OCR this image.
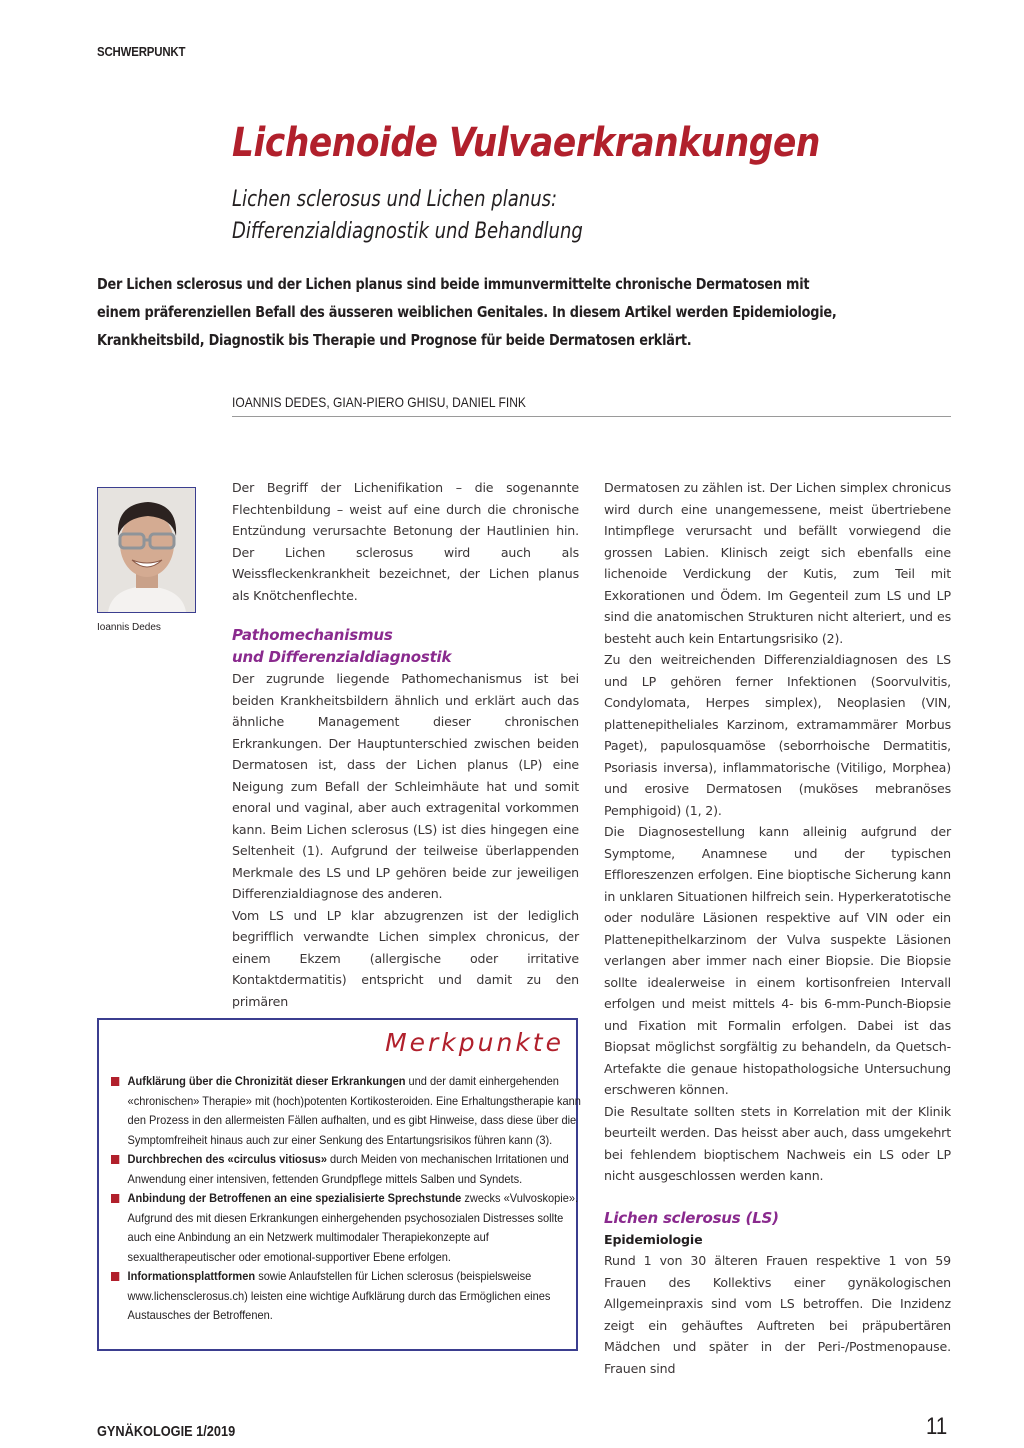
SCHWERPUNKT
Lichenoide Vulvaerkrankungen
Lichen sclerosus und Lichen planus:
Differenzialdiagnostik und Behandlung
Der Lichen sclerosus und der Lichen planus sind beide immunvermittelte chronische Dermatosen mit
einem präferenziellen Befall des äusseren weiblichen Genitales. In diesem Artikel werden Epidemiologie,
Krankheitsbild, Diagnostik bis Therapie und Prognose für beide Dermatosen erklärt.
IOANNIS DEDES, GIAN-PIERO GHISU, DANIEL FINK
Ioannis Dedes

Der Begriff der Lichenifikation – die sogenannte Flechtenbildung – weist auf eine durch die chronische Entzündung verursachte Betonung der Hautlinien hin. Der Lichen sclerosus wird auch als Weissfleckenkrankheit bezeichnet, der Lichen planus als Knötchenflechte.

Pathomechanismus
und Differenzialdiagnostik

Der zugrunde liegende Pathomechanismus ist bei beiden Krankheitsbildern ähnlich und erklärt auch das ähnliche Management dieser chronischen Erkrankungen. Der Hauptunterschied zwischen beiden Dermatosen ist, dass der Lichen planus (LP) eine Neigung zum Befall der Schleimhäute hat und somit enoral und vaginal, aber auch extragenital vorkommen kann. Beim Lichen sclerosus (LS) ist dies hingegen eine Seltenheit (1). Aufgrund der teilweise überlappenden Merkmale des LS und LP gehören beide zur jeweiligen Differenzialdiagnose des anderen.

Vom LS und LP klar abzugrenzen ist der lediglich begrifflich verwandte Lichen simplex chronicus, der einem Ekzem (allergische oder irritative Kontaktdermatitis) entspricht und damit zu den primären

Dermatosen zu zählen ist. Der Lichen simplex chronicus wird durch eine unangemessene, meist übertriebene Intimpflege verursacht und befällt vorwiegend die grossen Labien. Klinisch zeigt sich ebenfalls eine lichenoide Verdickung der Kutis, zum Teil mit Exkorationen und Ödem. Im Gegenteil zum LS und LP sind die anatomischen Strukturen nicht alteriert, und es besteht auch kein Entartungsrisiko (2).

Zu den weitreichenden Differenzialdiagnosen des LS und LP gehören ferner Infektionen (Soorvulvitis, Condylomata, Herpes simplex), Neoplasien (VIN, plattenepitheliales Karzinom, extramammärer Morbus Paget), papulosquamöse (seborrhoische Dermatitis, Psoriasis inversa), inflammatorische (Vitiligo, Morphea) und erosive Dermatosen (muköses mebranöses Pemphigoid) (1, 2).

Die Diagnosestellung kann alleinig aufgrund der Symptome, Anamnese und der typischen Effloreszenzen erfolgen. Eine bioptische Sicherung kann in unklaren Situationen hilfreich sein. Hyperkeratotische oder noduläre Läsionen respektive auf VIN oder ein Plattenepithelkarzinom der Vulva suspekte Läsionen verlangen aber immer nach einer Biopsie. Die Biopsie sollte idealerweise in einem kortisonfreien Intervall erfolgen und meist mittels 4- bis 6-mm-Punch-Biopsie und Fixation mit Formalin erfolgen. Dabei ist das Biopsat möglichst sorgfältig zu behandeln, da Quetsch-Artefakte die genaue histopathologsiche Untersuchung erschweren können.

Die Resultate sollten stets in Korrelation mit der Klinik beurteilt werden. Das heisst aber auch, dass umgekehrt bei fehlendem bioptischem Nachweis ein LS oder LP nicht ausgeschlossen werden kann.

Lichen sclerosus (LS)
Epidemiologie

Rund 1 von 30 älteren Frauen respektive 1 von 59 Frauen des Kollektivs einer gynäkologischen Allgemeinpraxis sind vom LS betroffen. Die Inzidenz zeigt ein gehäuftes Auftreten bei präpubertären Mädchen und später in der Peri-/Postmenopause. Frauen sind

Merkpunkte
Aufklärung über die Chronizität dieser Erkrankungen und der damit einhergehenden «chronischen» Therapie» mit (hoch)potenten Kortikosteroiden. Eine Erhaltungstherapie kann den Prozess in den allermeisten Fällen aufhalten, und es gibt Hinweise, dass diese über die Symptomfreiheit hinaus auch zur einer Senkung des Entartungsrisikos führen kann (3).
Durchbrechen des «circulus vitiosus» durch Meiden von mechanischen Irritationen und Anwendung einer intensiven, fettenden Grundpflege mittels Salben und Syndets.
Anbindung der Betroffenen an eine spezialisierte Sprechstunde zwecks «Vulvoskopie». Aufgrund des mit diesen Erkrankungen einhergehenden psychosozialen Distresses sollte auch eine Anbindung an ein Netzwerk multimodaler Therapiekonzepte auf sexualtherapeutischer oder emotional-supportiver Ebene erfolgen.
Informationsplattformen sowie Anlaufstellen für Lichen sclerosus (beispielsweise www.lichensclerosus.ch) leisten eine wichtige Aufklärung durch das Ermöglichen eines Austausches der Betroffenen.
GYNÄKOLOGIE 1/2019	11
